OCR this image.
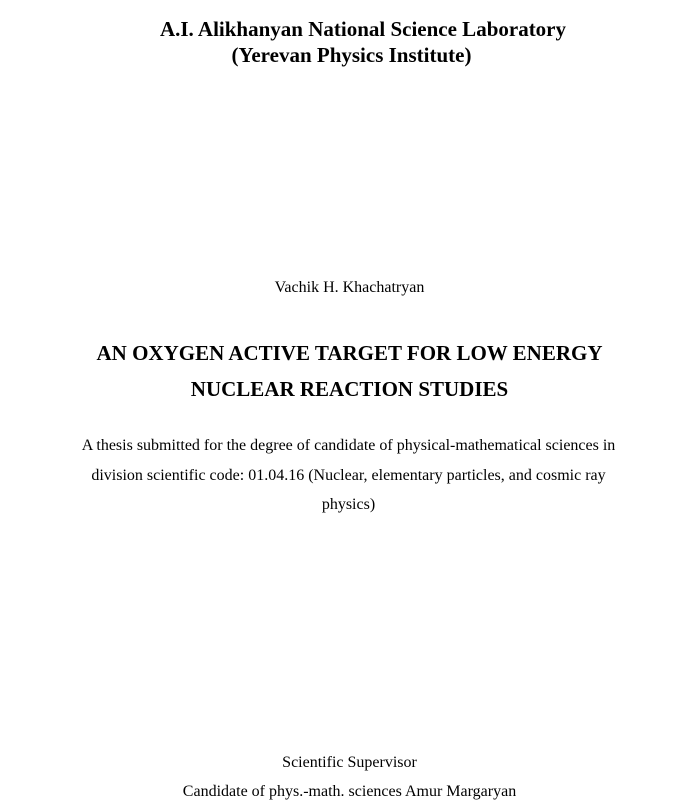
A.I. Alikhanyan National Science Laboratory
(Yerevan Physics Institute)
Vachik H. Khachatryan
AN OXYGEN ACTIVE TARGET FOR LOW ENERGY
NUCLEAR REACTION STUDIES
A thesis submitted for the degree of candidate of physical-mathematical sciences in
division scientific code: 01.04.16 (Nuclear, elementary particles, and cosmic ray
physics)
Scientific Supervisor
Candidate of phys.-math. sciences Amur Margaryan
